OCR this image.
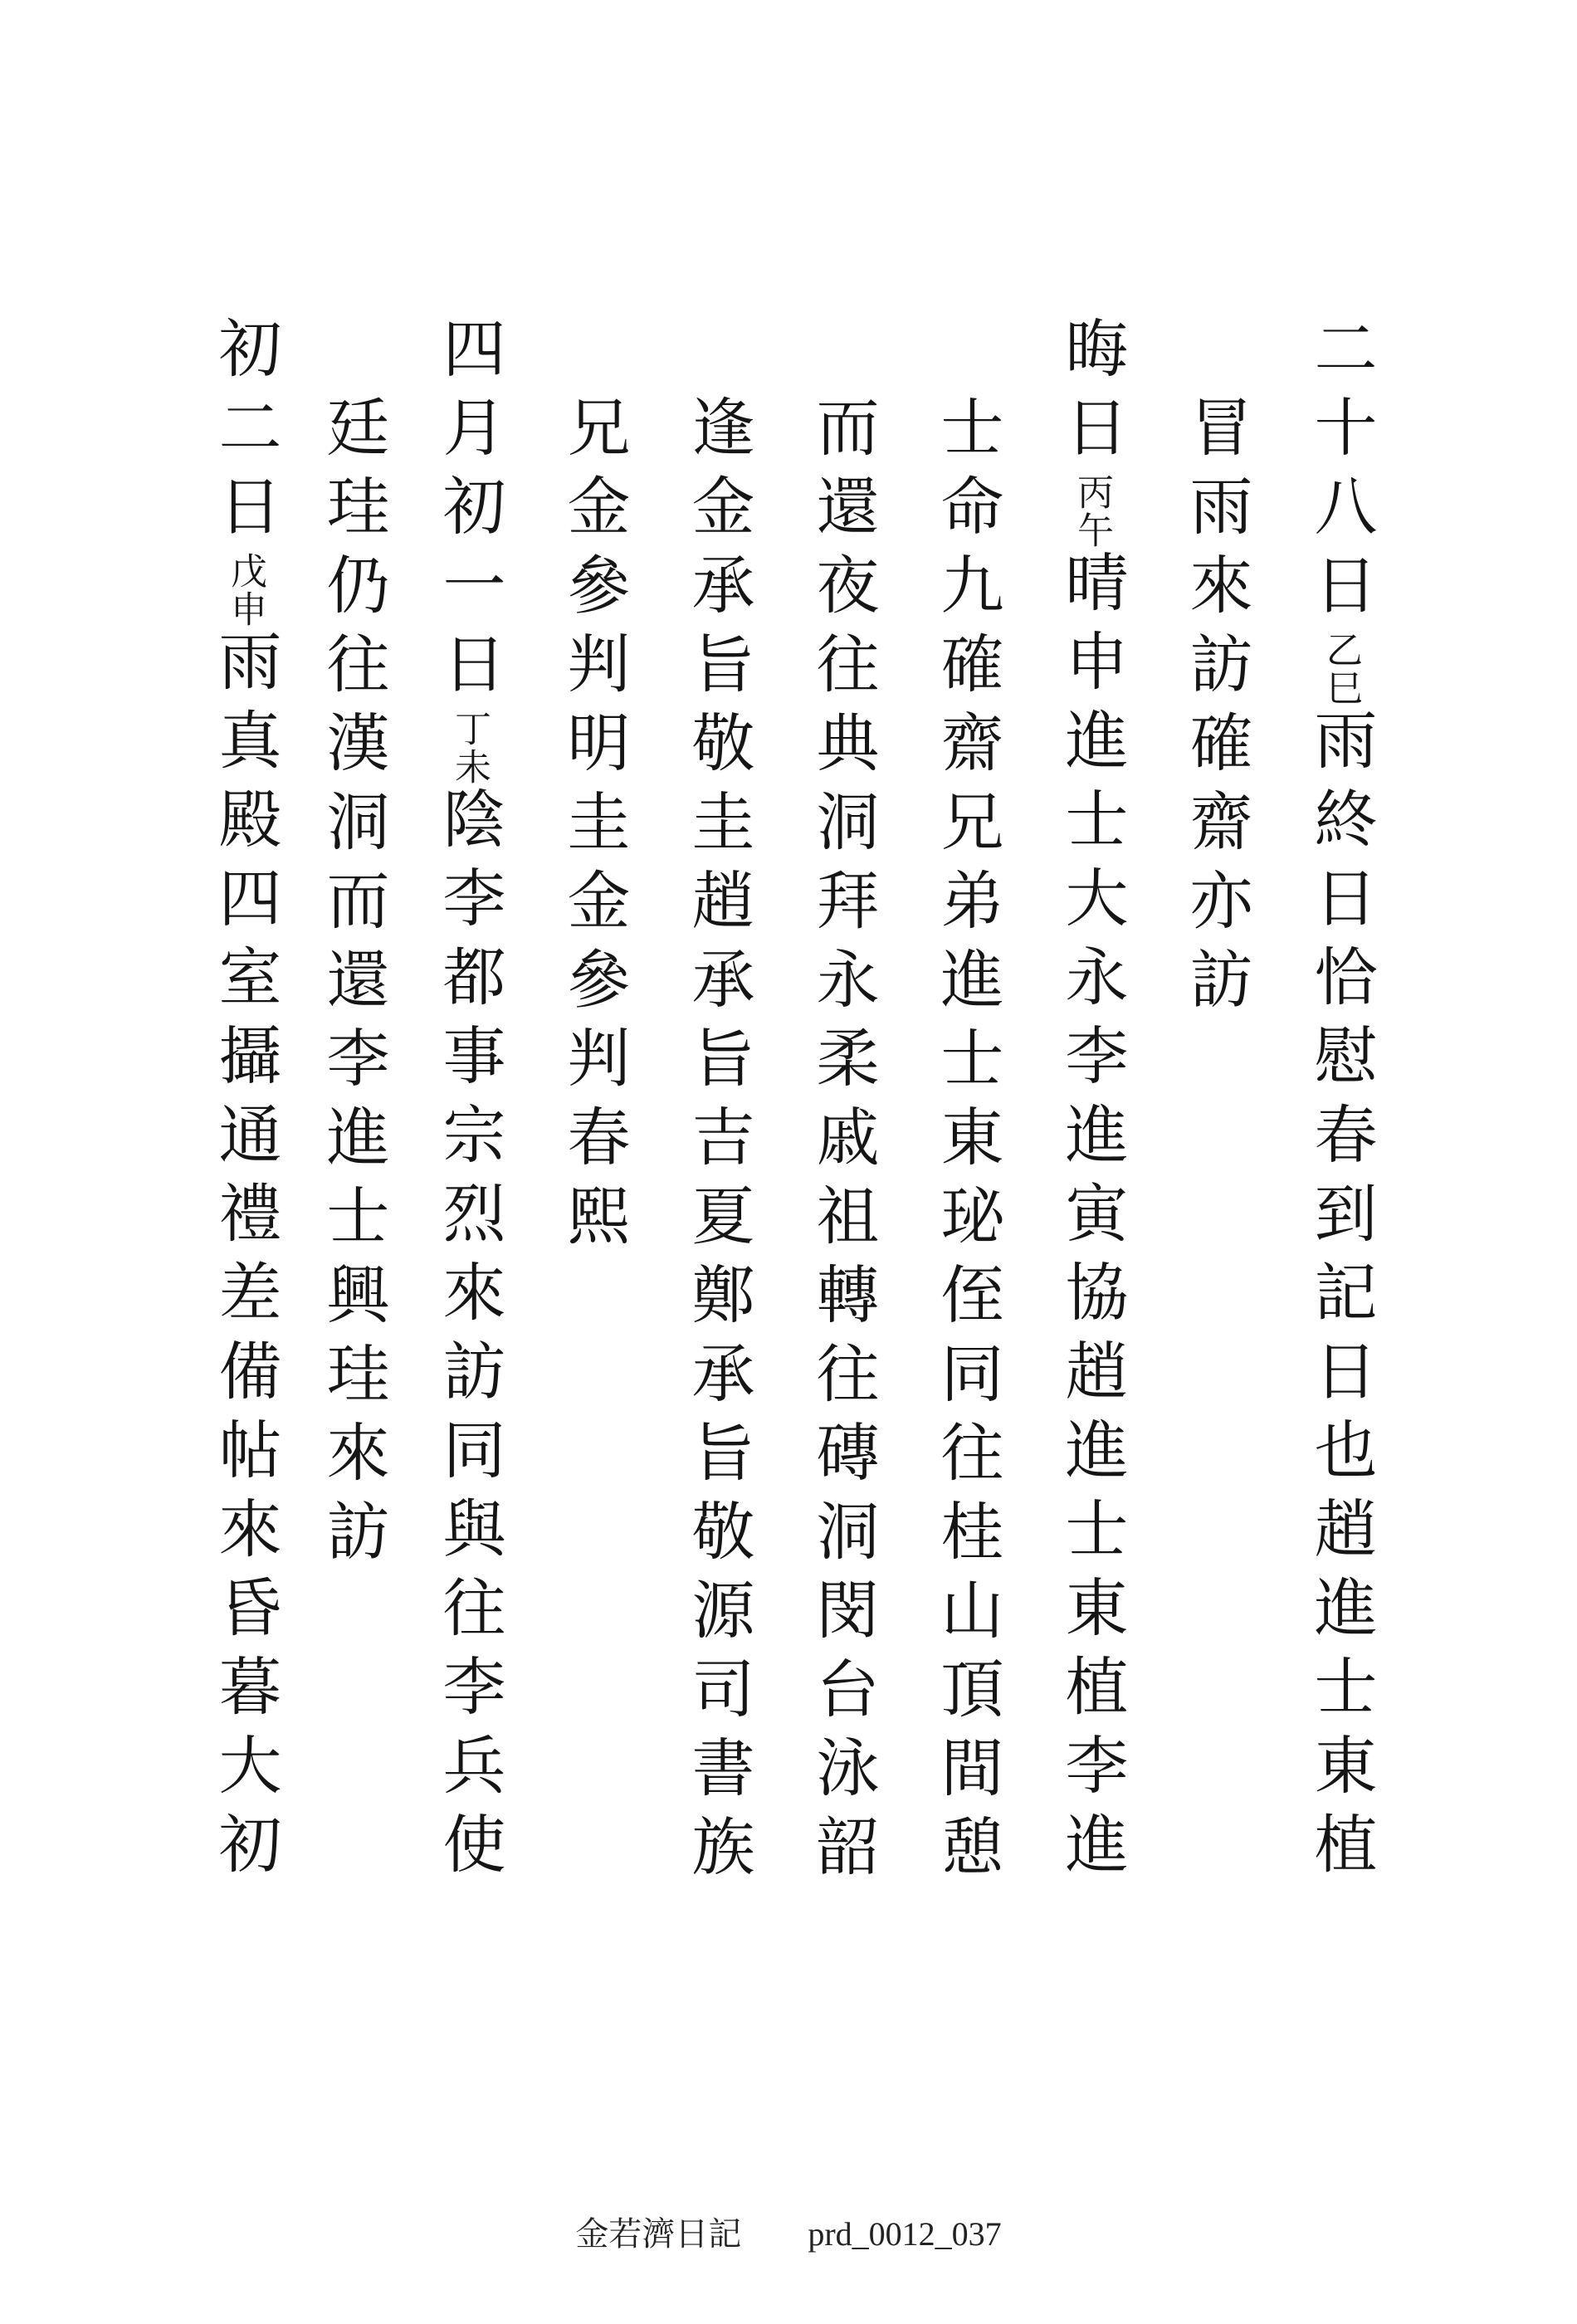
二十八日乙巳雨終日恰慰春到記日也趙進士東植
冒雨來訪確齋亦訪
晦日丙午晴申進士大永李進寅協趙進士東植李進
士命九確齋兄弟進士東珌侄同往桂山頂間憩
而還夜往典洞拜永柔戚祖轉往磚洞閔台泳韶
逢金承旨敬圭趙承旨吉夏鄭承旨敬源司書族
兄金參判明圭金參判春熙
四月初一日丁未陰李都事宗烈來訪同與往李兵使
廷珪仍往漢洞而還李進士興珪來訪
初二日戊申雨真殿四室攝通禮差備帖來昏暮大初
金若濟日記 prd_0012_037
